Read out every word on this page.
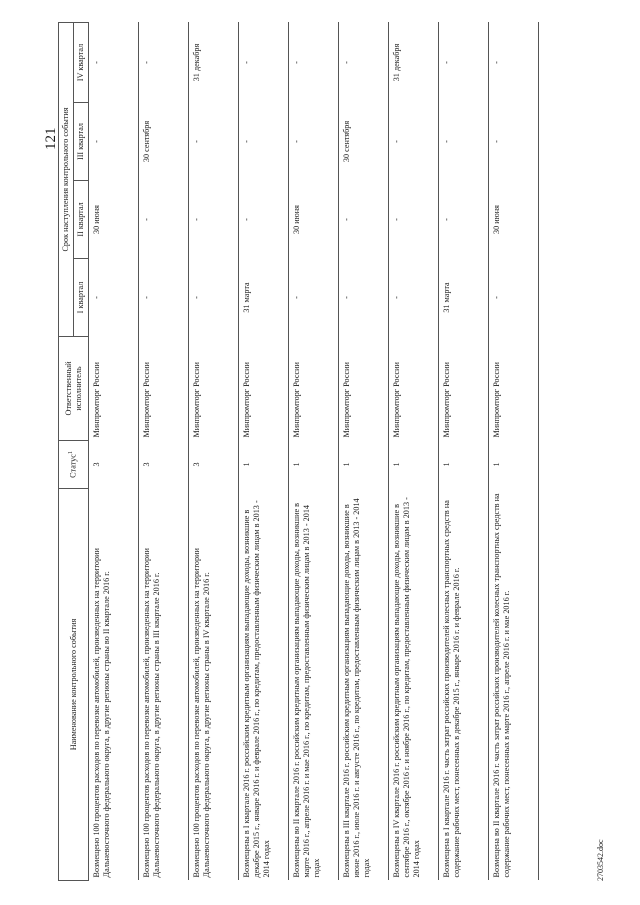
121
Наименование контрольного события	Статус$^1$	Ответственный исполнитель	Срок наступления контрольного события			
			I квартал	II квартал	III квартал	IV квартал
Возмещено 100 процентов расходов по перевозке автомобилей, произведенных на территории Дальневосточного федерального округа, в другие регионы страны во II квартале 2016 г.	3	Минпромторг России	-	30 июня	-	-
Возмещено 100 процентов расходов по перевозке автомобилей, произведенных на территории Дальневосточного федерального округа, в другие регионы страны в III квартале 2016 г.	3	Минпромторг России	-	-	30 сентября	-
Возмещено 100 процентов расходов по перевозке автомобилей, произведенных на территории Дальневосточного федерального округа, в другие регионы страны в IV квартале 2016 г.	3	Минпромторг России	-	-	-	31 декабря
Возмещены в I квартале 2016 г. российским кредитным организациям выпадающие доходы, возникшие в декабре 2015 г., январе 2016 г. и феврале 2016 г., по кредитам, предоставленным физическим лицам в 2013 - 2014 годах	1	Минпромторг России	31 марта	-	-	-
Возмещены во II квартале 2016 г. российским кредитным организациям выпадающие доходы, возникшие в марте 2016 г., апреле 2016 г. и мае 2016 г., по кредитам, предоставленным физическим лицам в 2013 - 2014 годах	1	Минпромторг России	-	30 июня	-	-
Возмещены в III квартале 2016 г. российским кредитным организациям выпадающие доходы, возникшие в июне 2016 г., июле 2016 г. и августе 2016 г., по кредитам, предоставленным физическим лицам в 2013 - 2014 годах	1	Минпромторг России	-	-	30 сентября	-
Возмещены в IV квартале 2016 г. российским кредитным организациям выпадающие доходы, возникшие в сентябре 2016 г., октябре 2016 г. и ноябре 2016 г., по кредитам, предоставленным физическим лицам в 2013 - 2014 годах	1	Минпромторг России	-	-	-	31 декабря
Возмещена в I квартале 2016 г. часть затрат российских производителей колесных транспортных средств на содержание рабочих мест, понесенных в декабре 2015 г., январе 2016 г. и феврале 2016 г.	1	Минпромторг России	31 марта	-	-	-
Возмещена во II квартале 2016 г. часть затрат российских производителей колесных транспортных средств на содержание рабочих мест, понесенных в марте 2016 г., апреле 2016 г. и мае 2016 г.	1	Минпромторг России	-	30 июня	-	-
2703542.doc
